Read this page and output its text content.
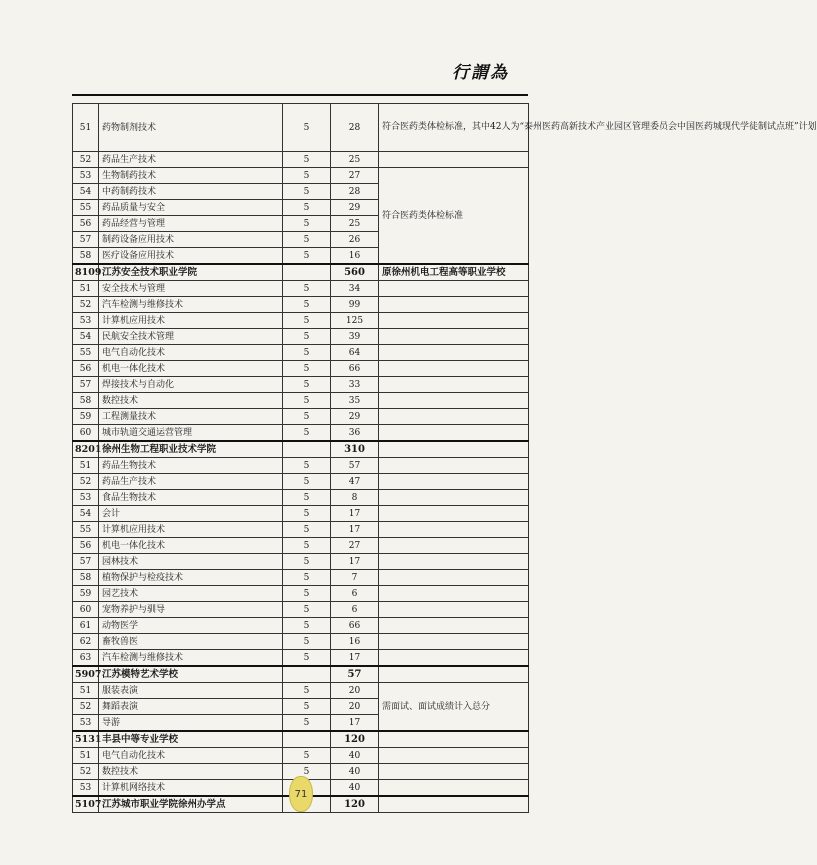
行謂為
51	药物制剂技术	5	28	符合医药类体检标准，其中42人为“泰州医药高新技术产业园区管理委员会中国医药城现代学徒制试点班”计划
52	药品生产技术	5	25	
53	生物制药技术	5	27	符合医药类体检标准
54	中药制药技术	5	28	
55	药品质量与安全	5	29	
56	药品经营与管理	5	25	
57	制药设备应用技术	5	26	
58	医疗设备应用技术	5	16	
8109	江苏安全技术职业学院		560	原徐州机电工程高等职业学校
51	安全技术与管理	5	34	
52	汽车检测与维修技术	5	99	
53	计算机应用技术	5	125	
54	民航安全技术管理	5	39	
55	电气自动化技术	5	64	
56	机电一体化技术	5	66	
57	焊接技术与自动化	5	33	
58	数控技术	5	35	
59	工程测量技术	5	29	
60	城市轨道交通运营管理	5	36	
8201	徐州生物工程职业技术学院		310	
51	药品生物技术	5	57	
52	药品生产技术	5	47	
53	食品生物技术	5	8	
54	会计	5	17	
55	计算机应用技术	5	17	
56	机电一体化技术	5	27	
57	园林技术	5	17	
58	植物保护与检疫技术	5	7	
59	园艺技术	5	6	
60	宠物养护与驯导	5	6	
61	动物医学	5	66	
62	畜牧兽医	5	16	
63	汽车检测与维修技术	5	17	
5907	江苏模特艺术学校		57	
51	服装表演	5	20	需面试、面试成绩计入总分
52	舞蹈表演	5	20	
53	导游	5	17	
5131	丰县中等专业学校		120	
51	电气自动化技术	5	40	
52	数控技术	5	40	
53	计算机网络技术		40	
5107	江苏城市职业学院徐州办学点		120	
71
